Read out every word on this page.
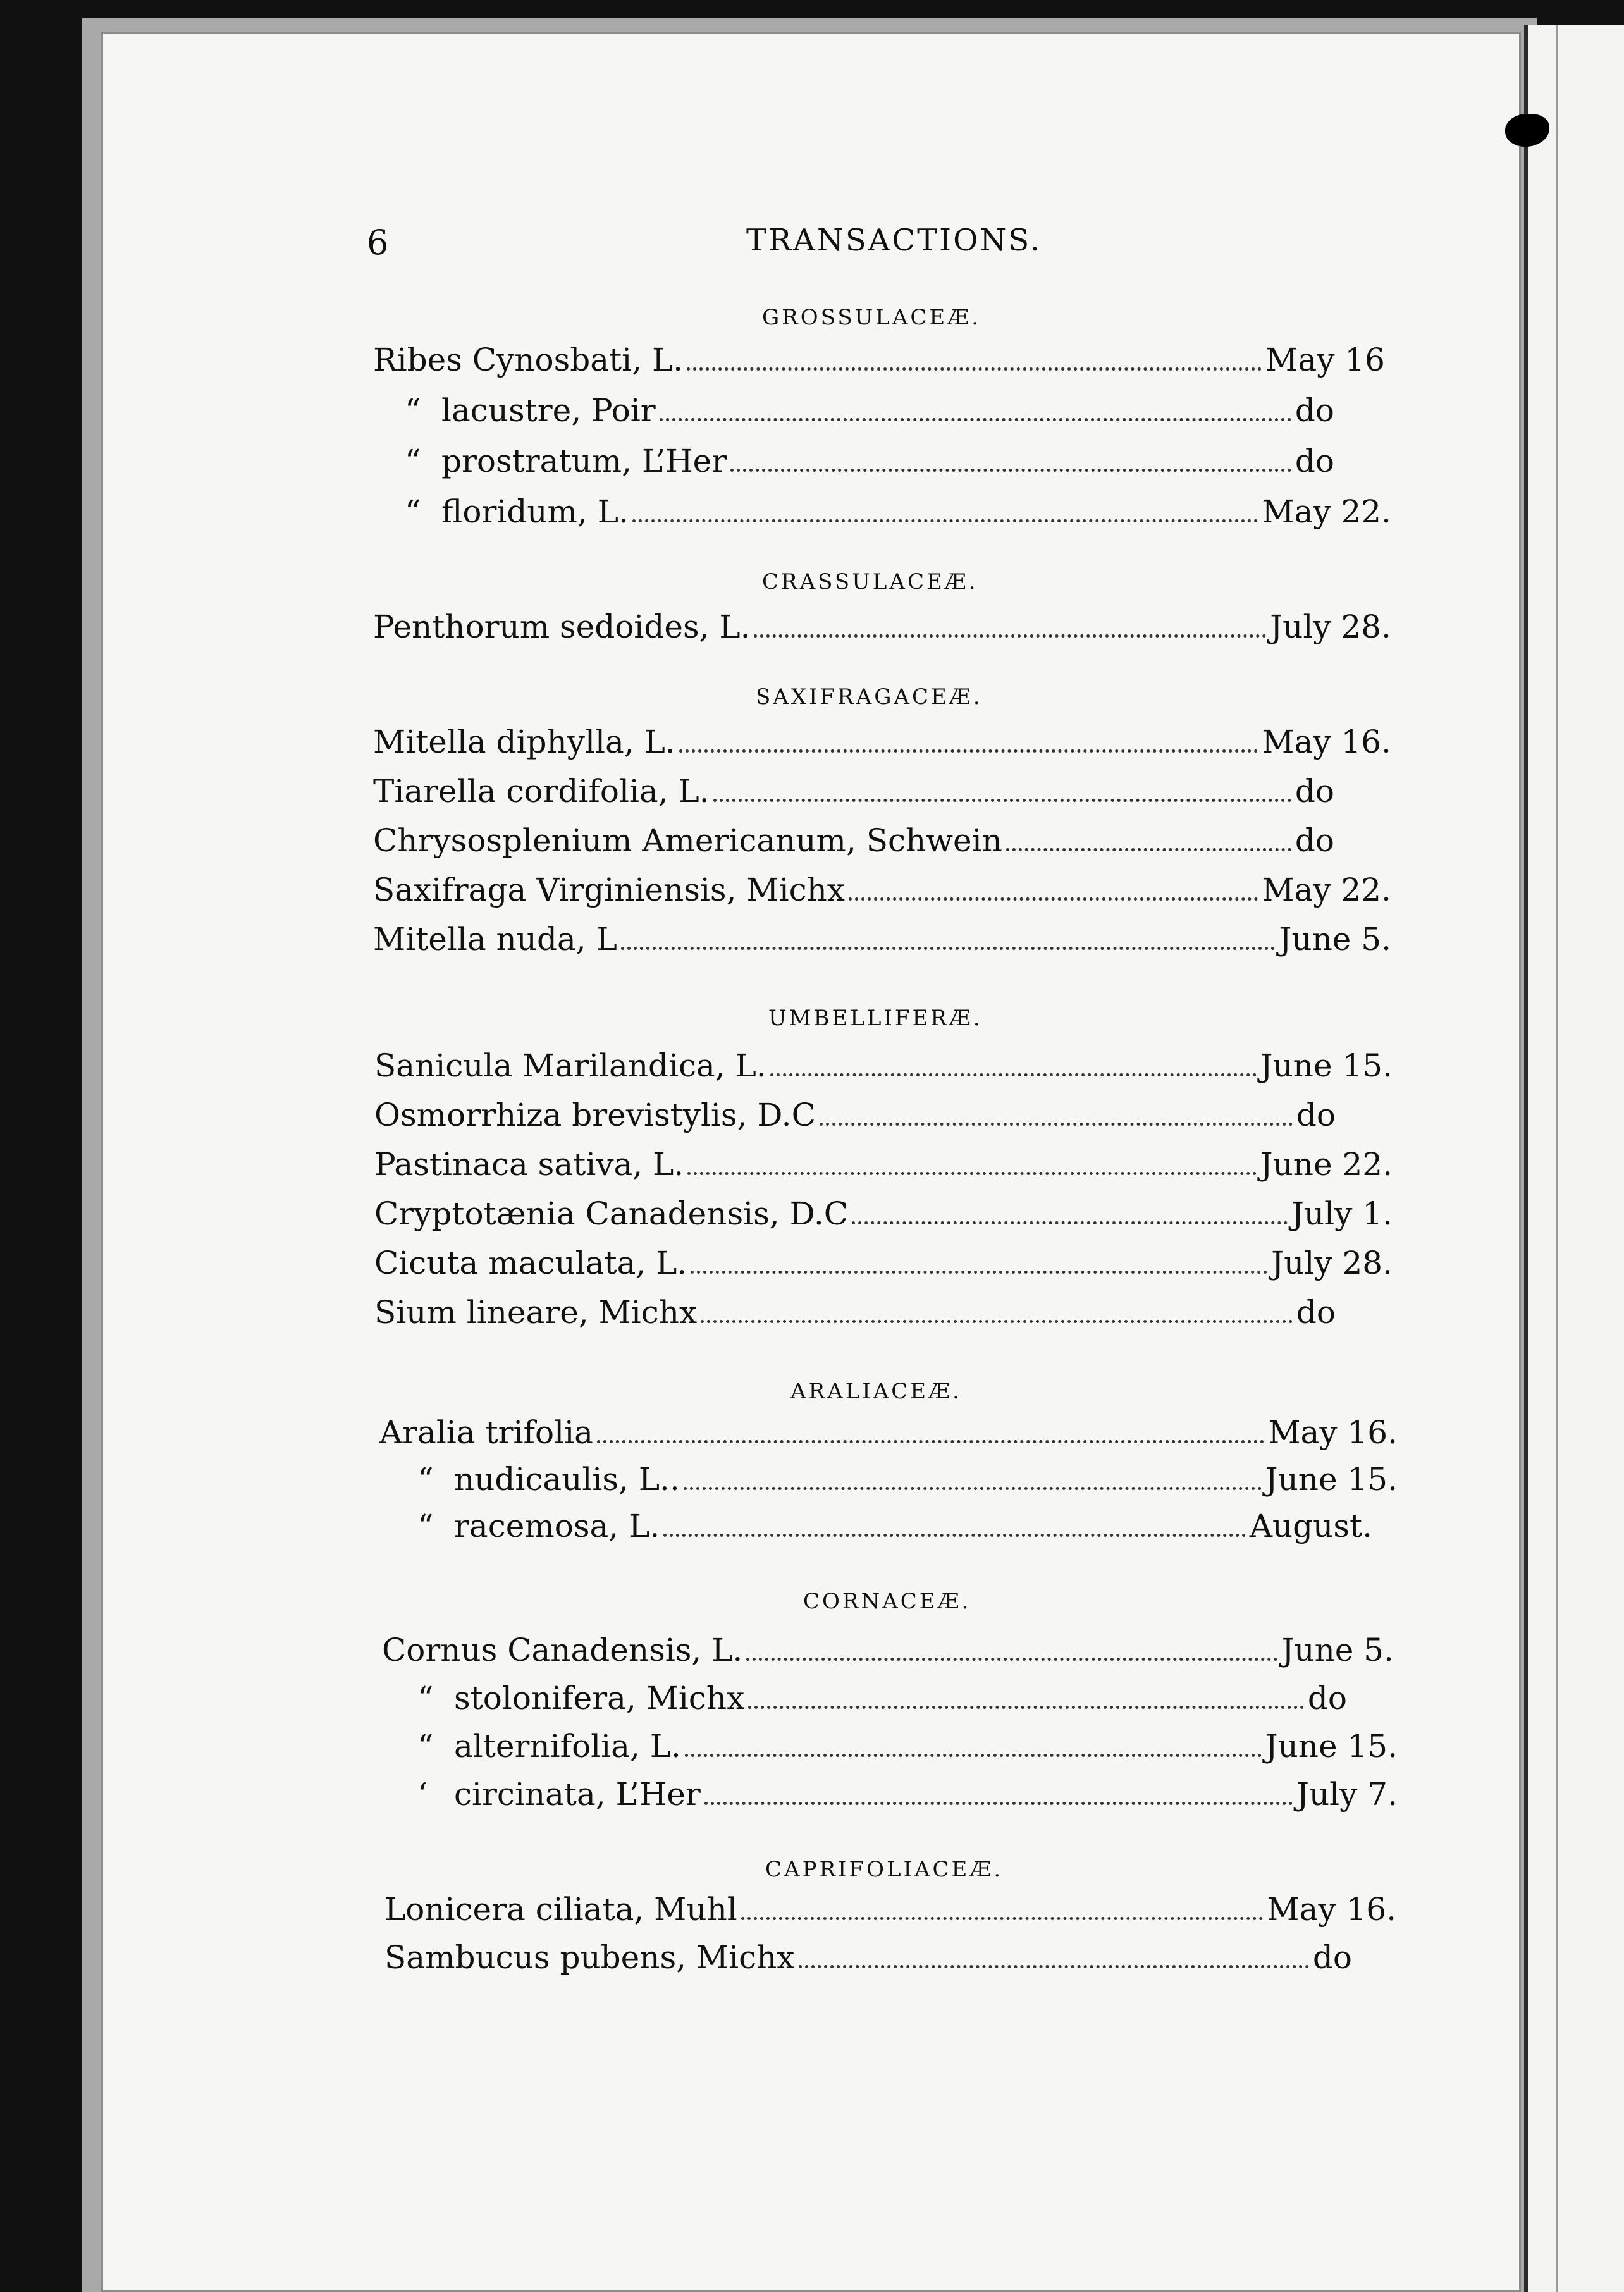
6	TRANSACTIONS.
GROSSULACEÆ.
Ribes Cynosbati, L.	May 16
“ lacustre, Poir	do
“ prostratum, L’Her	do
“ floridum, L.	May 22.
CRASSULACEÆ.
Penthorum sedoides, L.	July 28.
SAXIFRAGACEÆ.
Mitella diphylla, L.	May 16.
Tiarella cordifolia, L.	do
Chrysosplenium Americanum, Schwein	do
Saxifraga Virginiensis, Michx	May 22.
Mitella nuda, L	June 5.
UMBELLIFERÆ.
Sanicula Marilandica, L.	June 15.
Osmorrhiza brevistylis, D.C	do
Pastinaca sativa, L.	June 22.
Cryptotænia Canadensis, D.C	July 1.
Cicuta maculata, L.	July 28.
Sium lineare, Michx	do
ARALIACEÆ.
Aralia trifolia	May 16.
“ nudicaulis, L..	June 15.
“ racemosa, L.	August.
CORNACEÆ.
Cornus Canadensis, L.	June 5.
“ stolonifera, Michx	do
“ alternifolia, L.	June 15.
‘ circinata, L’Her	July 7.
CAPRIFOLIACEÆ.
Lonicera ciliata, Muhl	May 16.
Sambucus pubens, Michx	do
